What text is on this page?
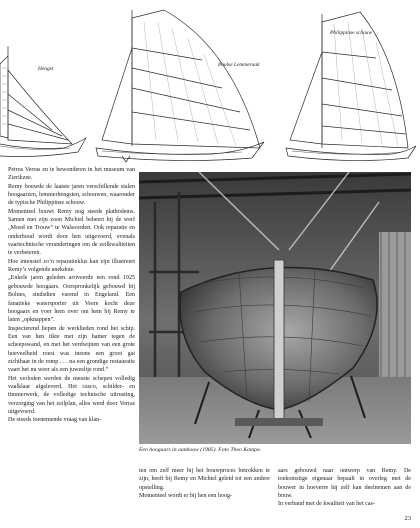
Hengst
Paulse Lemmeraak
Philippinse schouw

Petrus Verras en te bewonderen in het museum van Zierikzee.

Remy bouwde de laatste jaren verschillende stalen hoogaarzen, lemmerhengsten, schouwen, waaronder de typische Philippinse schouw.

Momenteel bouwt Remy nog steeds platbodems. Samen met zijn zoon Michiel beheert hij de werf „Moed en Trouw” te Walsoorden. Ook reparatie en onderhoud wordt door hen uitgevoerd, evenals vaartechnische veranderingen om de zeilkwaliteiten te verbeteren.

Hoe intensief zo’n reparatieklus kan zijn illustreert Remy’s volgende anekdote.

„Enkele jaren geleden arriveerde een rond 1925 gebouwde hoogaars. Oorspronkelijk gebouwd bij Bolnes, sindsdien varend in Engeland. Een fanatieke watersporter uit Veere kocht deze hoogaars en voer hem over om hem bij Remy te laten „opknappen”.

Inspecterend liepen de werklieden rond het schip. Een van hen tikte met zijn hamer tegen de scheepswand, en met het verdwijnen van een grote hoeveelheid roest was ineens een groot gat zichtbaar in de romp . . . na een grondige restauratie vaart het nu weer als een juweeltje rond.”

Het verloden werden de meeste schepen volledig vaalklaar afgeleverd. Het casco, schilder- en timmerwerk, de volledige technische uitrusting, verzorging van het zeilplan, alles werd door Verras uitgevoerd.

De steeds toenemende vraag van klan-

Een hoogaars in aanbouw (1985). Foto Theo Kampa.

ten om zelf meer bij het bouwproces betrokken te zijn, heeft bij Remy en Michiel geleid tot een andere opstelling.

Momenteel wordt er bij hen een hoog-

aars gebouwd naar ontwerp van Remy. De toekomstige eigenaar bepaalt in overleg met de bouwer in hoeverre hij zelf kan deelnemen aan de bouw.

In verband met de kwaliteit van het cas-

23
